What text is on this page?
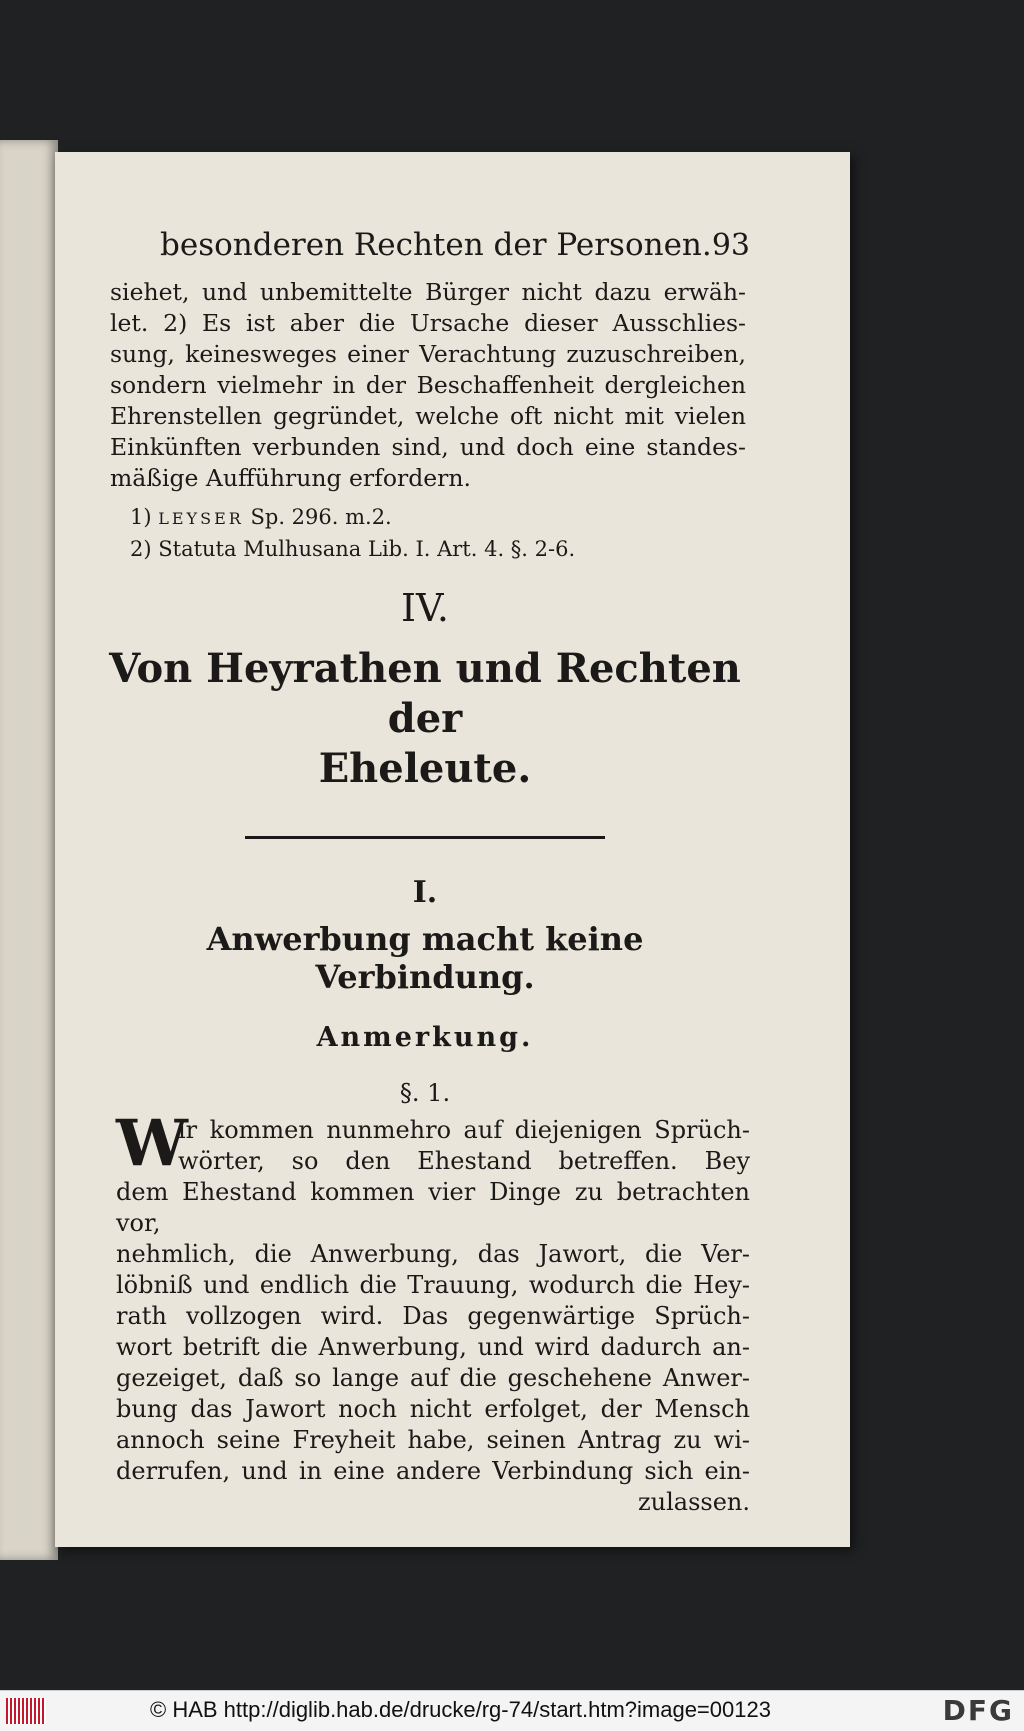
besonderen Rechten der Personen. 93
siehet, und unbemittelte Bürger nicht dazu erwäh-
let. 2) Es ist aber die Ursache dieser Ausschlies-
sung, keinesweges einer Verachtung zuzuschreiben,
sondern vielmehr in der Beschaffenheit dergleichen
Ehrenstellen gegründet, welche oft nicht mit vielen
Einkünften verbunden sind, und doch eine standes-
mäßige Aufführung erfordern.
1) LEYSER Sp. 296. m.2.
2) Statuta Mulhusana Lib. I. Art. 4. §. 2-6.
IV.
Von Heyrathen und Rechten der
Eheleute.
I.
Anwerbung macht keine Verbindung.
Anmerkung.
§. 1.
W
ir kommen nunmehro auf diejenigen Sprüch-
wörter, so den Ehestand betreffen. Bey
dem Ehestand kommen vier Dinge zu betrachten vor,
nehmlich, die Anwerbung, das Jawort, die Ver-
löbniß und endlich die Trauung, wodurch die Hey-
rath vollzogen wird. Das gegenwärtige Sprüch-
wort betrift die Anwerbung, und wird dadurch an-
gezeiget, daß so lange auf die geschehene Anwer-
bung das Jawort noch nicht erfolget, der Mensch
annoch seine Freyheit habe, seinen Antrag zu wi-
derrufen, und in eine andere Verbindung sich ein-
zulassen.
© HAB http://diglib.hab.de/drucke/rg-74/start.htm?image=00123	DFG
